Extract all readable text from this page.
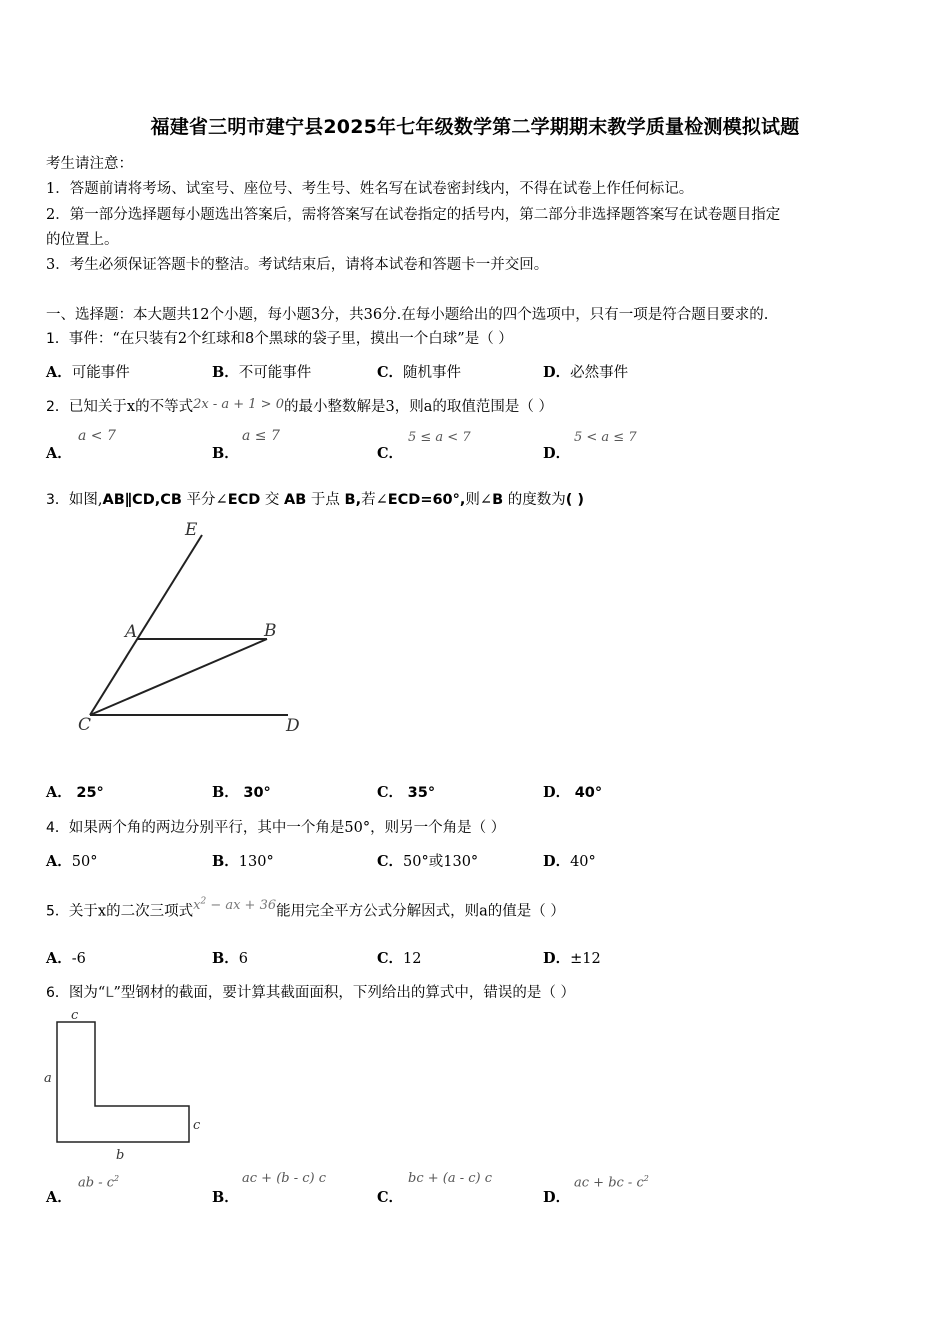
福建省三明市建宁县2025年七年级数学第二学期期末教学质量检测模拟试题
考生请注意：
1．答题前请将考场、试室号、座位号、考生号、姓名写在试卷密封线内，不得在试卷上作任何标记。
2．第一部分选择题每小题选出答案后，需将答案写在试卷指定的括号内，第二部分非选择题答案写在试卷题目指定
的位置上。
3．考生必须保证答题卡的整洁。考试结束后，请将本试卷和答题卡一并交回。
一、选择题：本大题共12个小题，每小题3分，共36分.在每小题给出的四个选项中，只有一项是符合题目要求的.
1．事件：“在只装有2个红球和8个黑球的袋子里，摸出一个白球”是（ ）
A．可能事件	B．不可能事件	C．随机事件	D．必然事件
2．已知关于x的不等式2x - a + 1 > 0的最小整数解是3，则a的取值范围是（ ）
A．
a < 7
B．
a ≤ 7
C．
5 ≤ a < 7
D．
5 < a ≤ 7
3．如图,AB∥CD,CB 平分∠ECD 交 AB 于点 B,若∠ECD=60°,则∠B 的度数为( )
E
A	B
C	D
A． 25°	B． 30°	C． 35°	D． 40°
4．如果两个角的两边分别平行，其中一个角是50°，则另一个角是（ ）
A．50°	B．130°	C．50°或130°	D．40°
5．关于x的二次三项式$x^2$ − ax + 36能用完全平方公式分解因式，则a的值是（ ）
A．-6	B．6	C．12	D．±12
6．图为“L”型钢材的截面，要计算其截面面积，下列给出的算式中，错误的是（ ）
c
a
c
b
A．
ab - $c^2$
B．
ac + (b - c) c
C．
bc + (a - c) c
D．
ac + bc - $c^2$
